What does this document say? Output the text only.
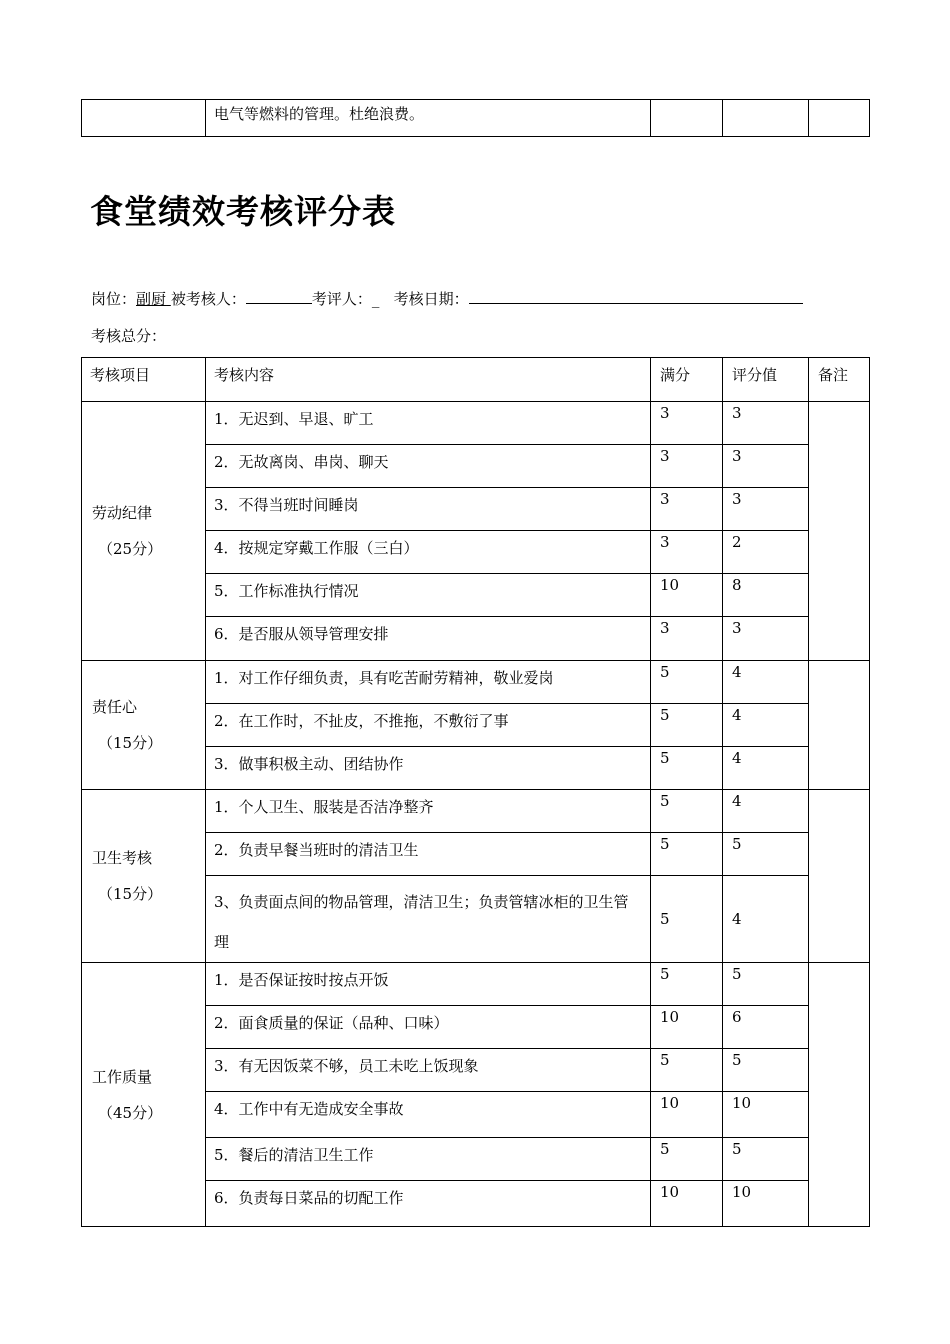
	电气等燃料的管理。杜绝浪费。			
食堂绩效考核评分表
岗位：副厨 被考核人：	考评人：_ 考核日期：
考核总分：
考核项目	考核内容	满分	评分值	备注

劳动纪律
（25分）	1．无迟到、早退、旷工	3	3	
	2．无故离岗、串岗、聊天	3	3	
	3．不得当班时间睡岗	3	3	
	4．按规定穿戴工作服（三白）	3	2	
	5．工作标准执行情况	10	8	
	6．是否服从领导管理安排	3	3	

责任心
（15分）	1．对工作仔细负责，具有吃苦耐劳精神，敬业爱岗	5	4	
	2．在工作时，不扯皮，不推拖，不敷衍了事	5	4	
	3．做事积极主动、团结协作	5	4	

卫生考核
（15分）	1．个人卫生、服装是否洁净整齐	5	4	
	2．负责早餐当班时的清洁卫生	5	5	
	3、负责面点间的物品管理，清洁卫生；负责管辖冰柜的卫生管理	5	4	

工作质量
（45分）	1．是否保证按时按点开饭	5	5	
	2．面食质量的保证（品种、口味）	10	6	
	3．有无因饭菜不够，员工未吃上饭现象	5	5	
	4．工作中有无造成安全事故	10	10	
	5．餐后的清洁卫生工作	5	5	
	6．负责每日菜品的切配工作	10	10	
